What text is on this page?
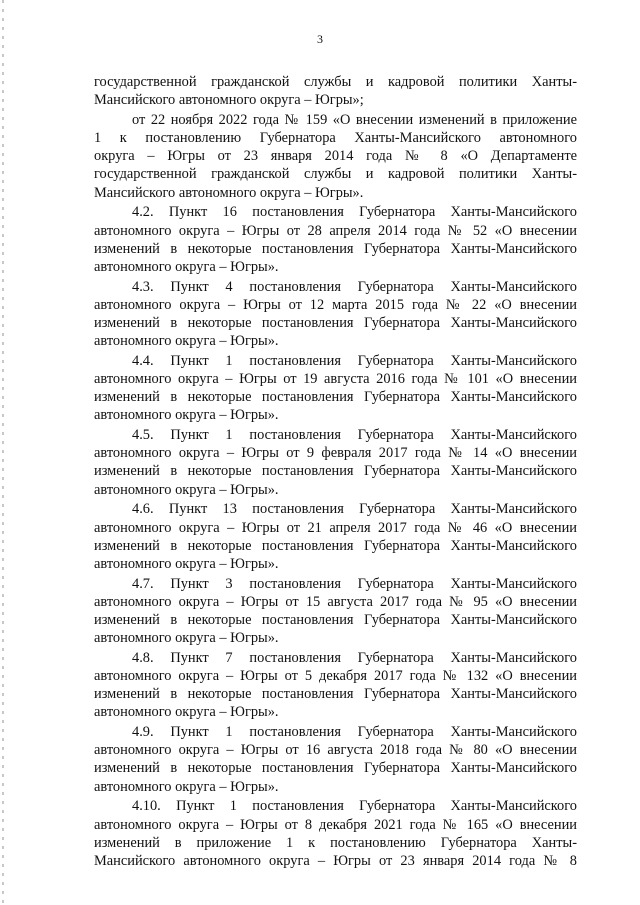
3
государственной гражданской службы и кадровой политики Ханты-
Мансийского автономного округа – Югры»;
от 22 ноября 2022 года № 159 «О внесении изменений в приложение
1 к постановлению Губернатора Ханты-Мансийского автономного
округа – Югры от 23 января 2014 года № 8 «О Департаменте
государственной гражданской службы и кадровой политики Ханты-
Мансийского автономного округа – Югры».
4.2. Пункт 16 постановления Губернатора Ханты-Мансийского
автономного округа – Югры от 28 апреля 2014 года № 52 «О внесении
изменений в некоторые постановления Губернатора Ханты-Мансийского
автономного округа – Югры».
4.3. Пункт 4 постановления Губернатора Ханты-Мансийского
автономного округа – Югры от 12 марта 2015 года № 22 «О внесении
изменений в некоторые постановления Губернатора Ханты-Мансийского
автономного округа – Югры».
4.4. Пункт 1 постановления Губернатора Ханты-Мансийского
автономного округа – Югры от 19 августа 2016 года № 101 «О внесении
изменений в некоторые постановления Губернатора Ханты-Мансийского
автономного округа – Югры».
4.5. Пункт 1 постановления Губернатора Ханты-Мансийского
автономного округа – Югры от 9 февраля 2017 года № 14 «О внесении
изменений в некоторые постановления Губернатора Ханты-Мансийского
автономного округа – Югры».
4.6. Пункт 13 постановления Губернатора Ханты-Мансийского
автономного округа – Югры от 21 апреля 2017 года № 46 «О внесении
изменений в некоторые постановления Губернатора Ханты-Мансийского
автономного округа – Югры».
4.7. Пункт 3 постановления Губернатора Ханты-Мансийского
автономного округа – Югры от 15 августа 2017 года № 95 «О внесении
изменений в некоторые постановления Губернатора Ханты-Мансийского
автономного округа – Югры».
4.8. Пункт 7 постановления Губернатора Ханты-Мансийского
автономного округа – Югры от 5 декабря 2017 года № 132 «О внесении
изменений в некоторые постановления Губернатора Ханты-Мансийского
автономного округа – Югры».
4.9. Пункт 1 постановления Губернатора Ханты-Мансийского
автономного округа – Югры от 16 августа 2018 года № 80 «О внесении
изменений в некоторые постановления Губернатора Ханты-Мансийского
автономного округа – Югры».
4.10. Пункт 1 постановления Губернатора Ханты-Мансийского
автономного округа – Югры от 8 декабря 2021 года № 165 «О внесении
изменений в приложение 1 к постановлению Губернатора Ханты-
Мансийского автономного округа – Югры от 23 января 2014 года № 8
